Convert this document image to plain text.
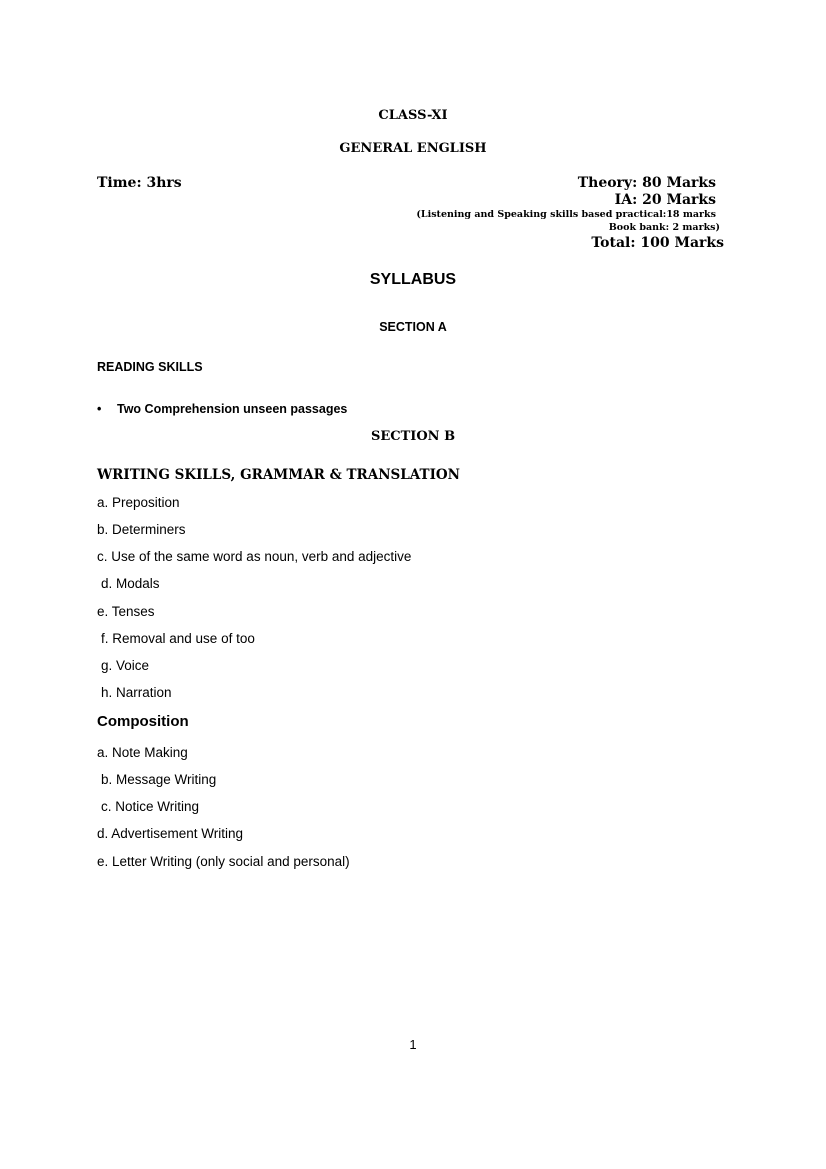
CLASS-XI
GENERAL ENGLISH
Time: 3hrs	Theory: 80 Marks
IA: 20 Marks
(Listening and Speaking skills based practical:18 marks
Book bank: 2 marks)
Total: 100 Marks
SYLLABUS
SECTION A
READING SKILLS
• Two Comprehension unseen passages
SECTION B
WRITING SKILLS, GRAMMAR & TRANSLATION
a. Preposition
b. Determiners
c. Use of the same word as noun, verb and adjective
d. Modals
e. Tenses
f. Removal and use of too
g. Voice
h. Narration
Composition
a. Note Making
b. Message Writing
c. Notice Writing
d. Advertisement Writing
e. Letter Writing (only social and personal)
1
